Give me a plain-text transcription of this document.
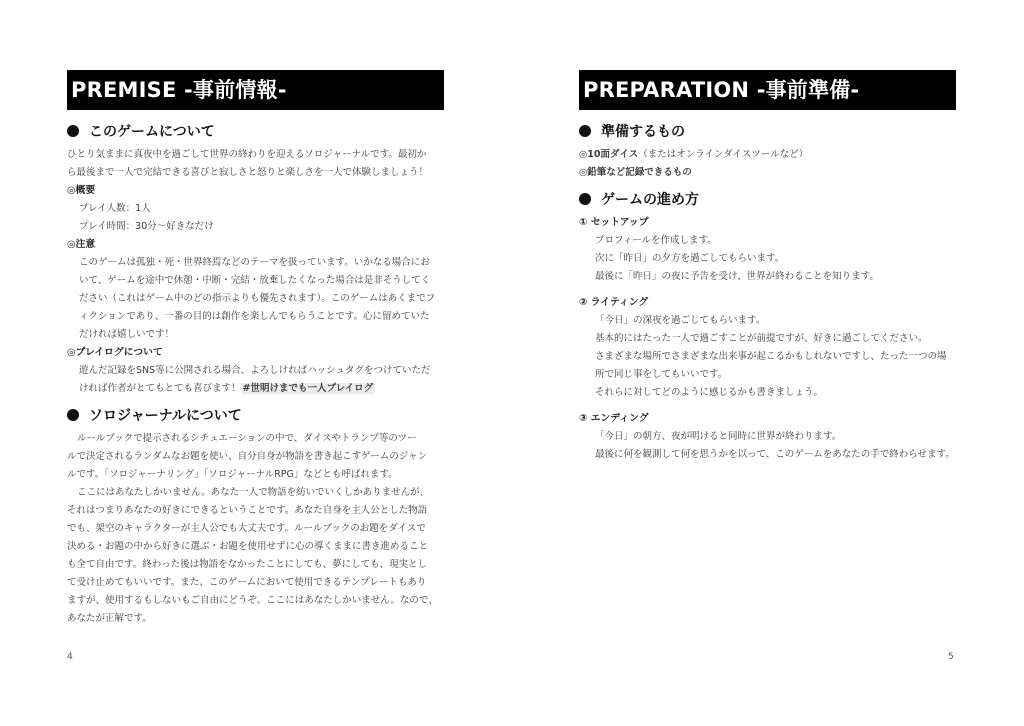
PREMISE -事前情報-
このゲームについて
ひとり気ままに真夜中を過ごして世界の終わりを迎えるソロジャーナルです。最初か
ら最後まで一人で完結できる喜びと寂しさと怒りと楽しさを一人で体験しましょう！
◎概要
プレイ人数：1人
プレイ時間：30分～好きなだけ
◎注意
このゲームは孤独・死・世界終焉などのテーマを扱っています。いかなる場合にお
いて、ゲームを途中で休憩・中断・完結・放棄したくなった場合は是非そうしてく
ださい（これはゲーム中のどの指示よりも優先されます）。このゲームはあくまでフ
ィクションであり、一番の目的は創作を楽しんでもらうことです。心に留めていた
だければ嬉しいです！
◎プレイログについて
遊んだ記録をSNS等に公開される場合、よろしければハッシュタグをつけていただ
ければ作者がとてもとても喜びます！ #世明けまでも一人プレイログ
ソロジャーナルについて
ルールブックで提示されるシチュエーションの中で、ダイスやトランプ等のツー
ルで決定されるランダムなお題を使い、自分自身が物語を書き起こすゲームのジャン
ルです。「ソロジャーナリング」「ソロジャーナルRPG」などとも呼ばれます。
ここにはあなたしかいません。あなた一人で物語を紡いでいくしかありませんが、
それはつまりあなたの好きにできるということです。あなた自身を主人公とした物語
でも、架空のキャラクターが主人公でも大丈夫です。ルールブックのお題をダイスで
決める・お題の中から好きに選ぶ・お題を使用せずに心の導くままに書き進めること
も全て自由です。終わった後は物語をなかったことにしても、夢にしても、現実とし
て受け止めてもいいです。また、このゲームにおいて使用できるテンプレートもあり
ますが、使用するもしないもご自由にどうぞ。ここにはあなたしかいません。なので、
あなたが正解です。
4
PREPARATION -事前準備-
準備するもの
◎10面ダイス（またはオンラインダイスツールなど）
◎鉛筆など記録できるもの
ゲームの進め方
① セットアップ
プロフィールを作成します。
次に「昨日」の夕方を過ごしてもらいます。
最後に「昨日」の夜に予告を受け、世界が終わることを知ります。
② ライティング
「今日」の深夜を過ごしてもらいます。
基本的にはたった一人で過ごすことが前提ですが、好きに過ごしてください。
さまざまな場所でさまざまな出来事が起こるかもしれないですし、たった一つの場
所で同じ事をしてもいいです。
それらに対してどのように感じるかも書きましょう。
③ エンディング
「今日」の朝方、夜が明けると同時に世界が終わります。
最後に何を観測して何を思うかを以って、このゲームをあなたの手で終わらせます。
5
